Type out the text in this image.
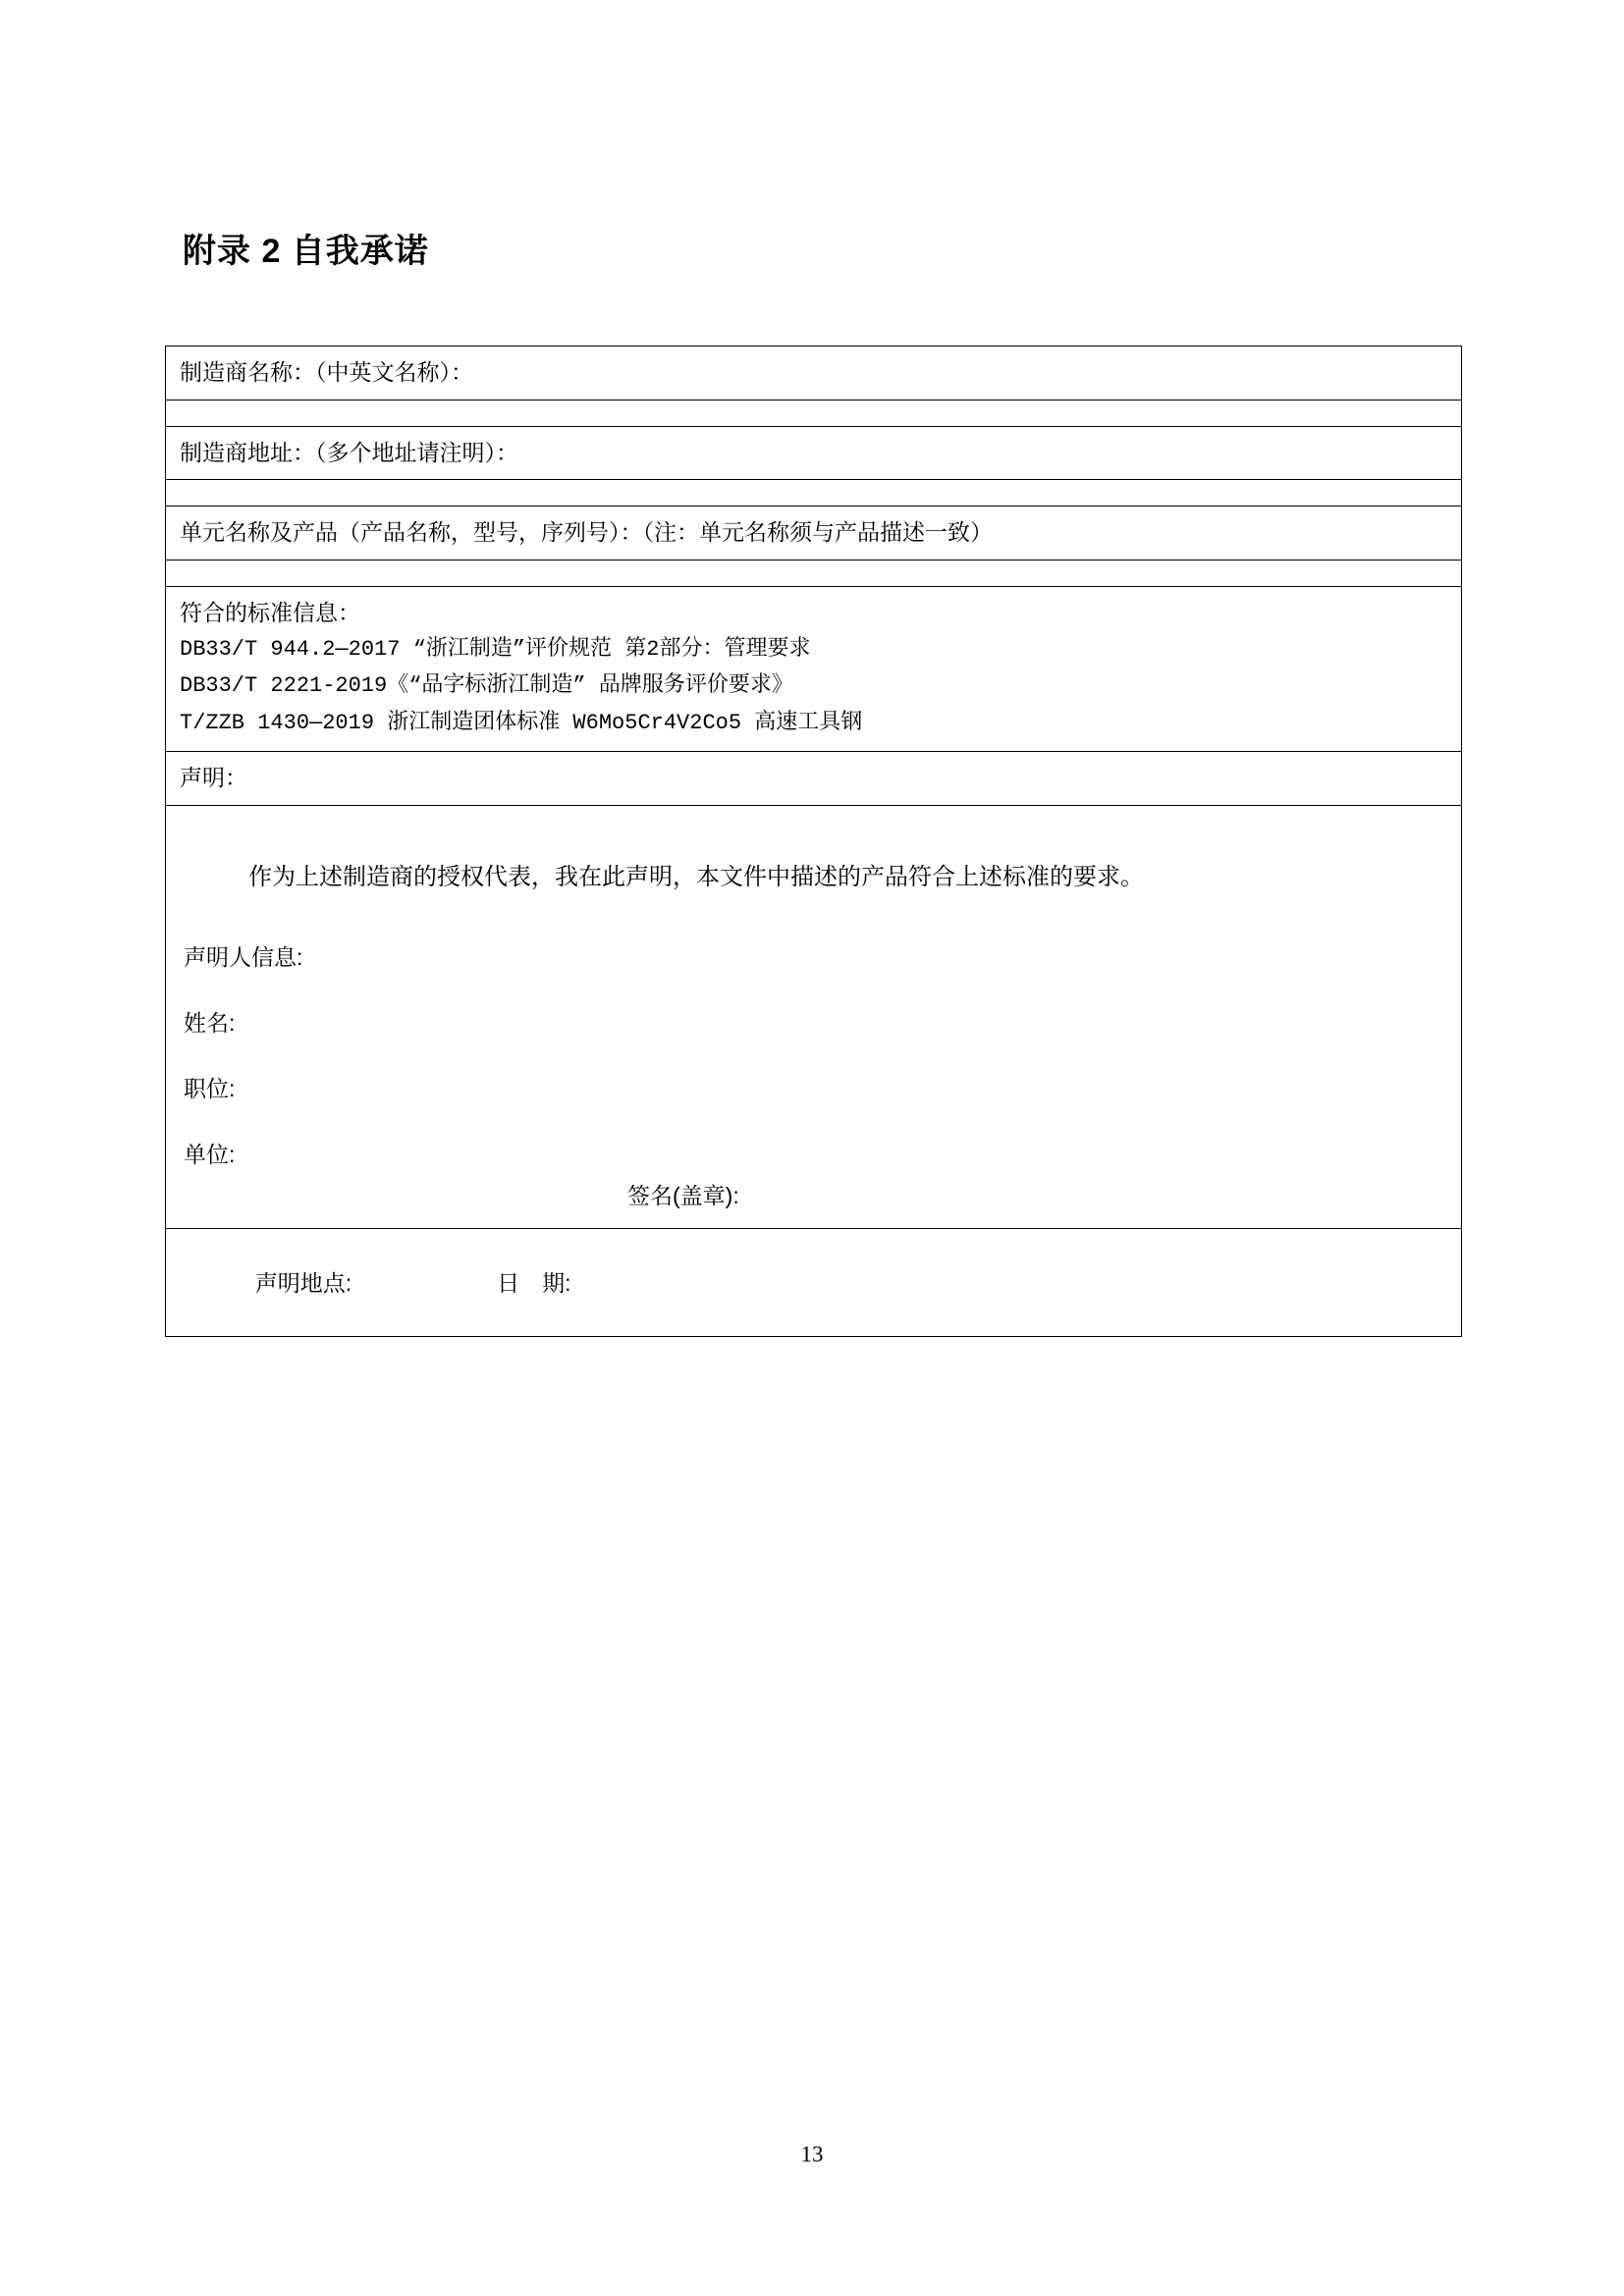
附录 2 自我承诺
制造商名称：（中英文名称）：

制造商地址：（多个地址请注明）：

单元名称及产品（产品名称，型号，序列号）：（注：单元名称须与产品描述一致）

符合的标准信息：
DB33/T 944.2—2017 “浙江制造”评价规范 第2部分：管理要求
DB33/T 2221-2019《“品字标浙江制造” 品牌服务评价要求》
T/ZZB 1430—2019 浙江制造团体标准 W6Mo5Cr4V2Co5 高速工具钢

声明：

作为上述制造商的授权代表，我在此声明，本文件中描述的产品符合上述标准的要求。
声明人信息:
姓名:
职位:
单位:
签名(盖章):

声明地点:	日　期:

13
